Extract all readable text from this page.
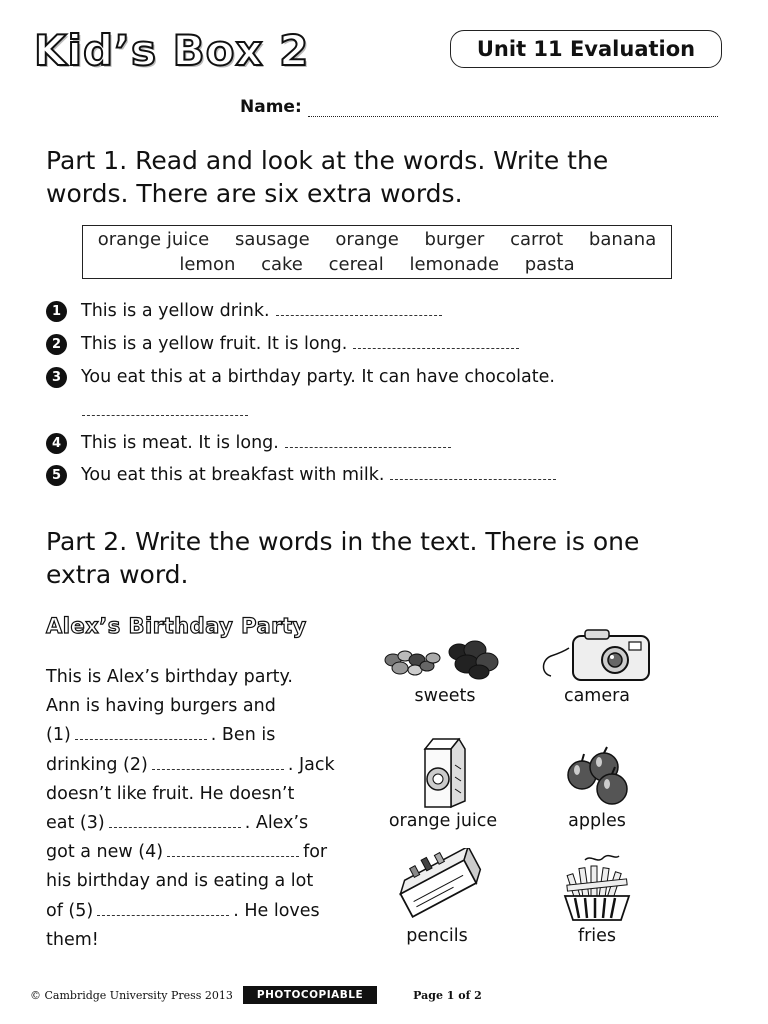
Kid’s Box 2	Unit 11 Evaluation
Name:
Part 1. Read and look at the words. Write the
words. There are six extra words.
orange juice sausage orange burger carrot banana
lemon cake cereal lemonade pasta
1	This is a yellow drink.
2	This is a yellow fruit. It is long.
3	You eat this at a birthday party. It can have chocolate.
4	This is meat. It is long.
5	You eat this at breakfast with milk.
Part 2. Write the words in the text. There is one
extra word.
Alex’s Birthday Party
This is Alex’s birthday party.
Ann is having burgers and
(1)	. Ben is
drinking (2)	. Jack
doesn’t like fruit. He doesn’t
eat (3)	. Alex’s
got a new (4)	for
his birthday and is eating a lot
of (5)	. He loves
them!
sweets	camera
orange juice	apples
pencils	fries
© Cambridge University Press 2013	PHOTOCOPIABLE	Page 1 of 2
